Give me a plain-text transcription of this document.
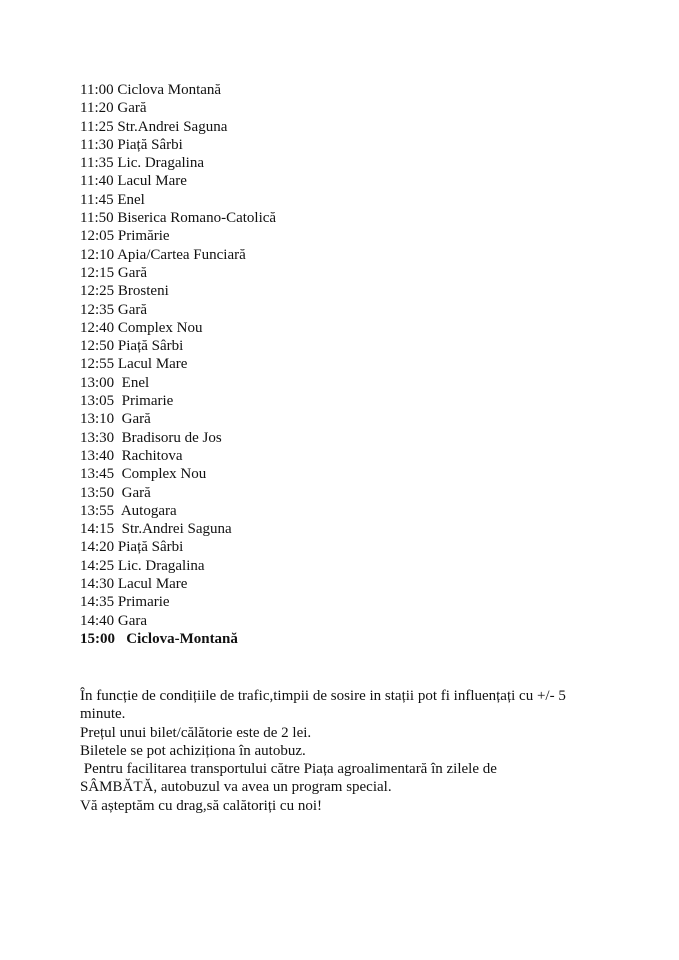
11:00 Ciclova Montană
11:20 Gară
11:25 Str.Andrei Saguna
11:30 Piață Sârbi
11:35 Lic. Dragalina
11:40 Lacul Mare
11:45 Enel
11:50 Biserica Romano-Catolică
12:05 Primărie
12:10 Apia/Cartea Funciară
12:15 Gară
12:25 Brosteni
12:35 Gară
12:40 Complex Nou
12:50 Piață Sârbi
12:55 Lacul Mare
13:00  Enel
13:05  Primarie
13:10  Gară
13:30  Bradisoru de Jos
13:40  Rachitova
13:45  Complex Nou
13:50  Gară
13:55  Autogara
14:15  Str.Andrei Saguna
14:20 Piață Sârbi
14:25 Lic. Dragalina
14:30 Lacul Mare
14:35 Primarie
14:40 Gara
15:00   Ciclova-Montană

În funcție de condițiile de trafic,timpii de sosire in stații pot fi influențați cu +/- 5

minute.

Prețul unui bilet/călătorie este de 2 lei.

Biletele se pot achiziționa în autobuz.

Pentru facilitarea transportului către Piața agroalimentară în zilele de

SÂMBĂTĂ, autobuzul va avea un program special.

Vă așteptăm cu drag,să calătoriți cu noi!
